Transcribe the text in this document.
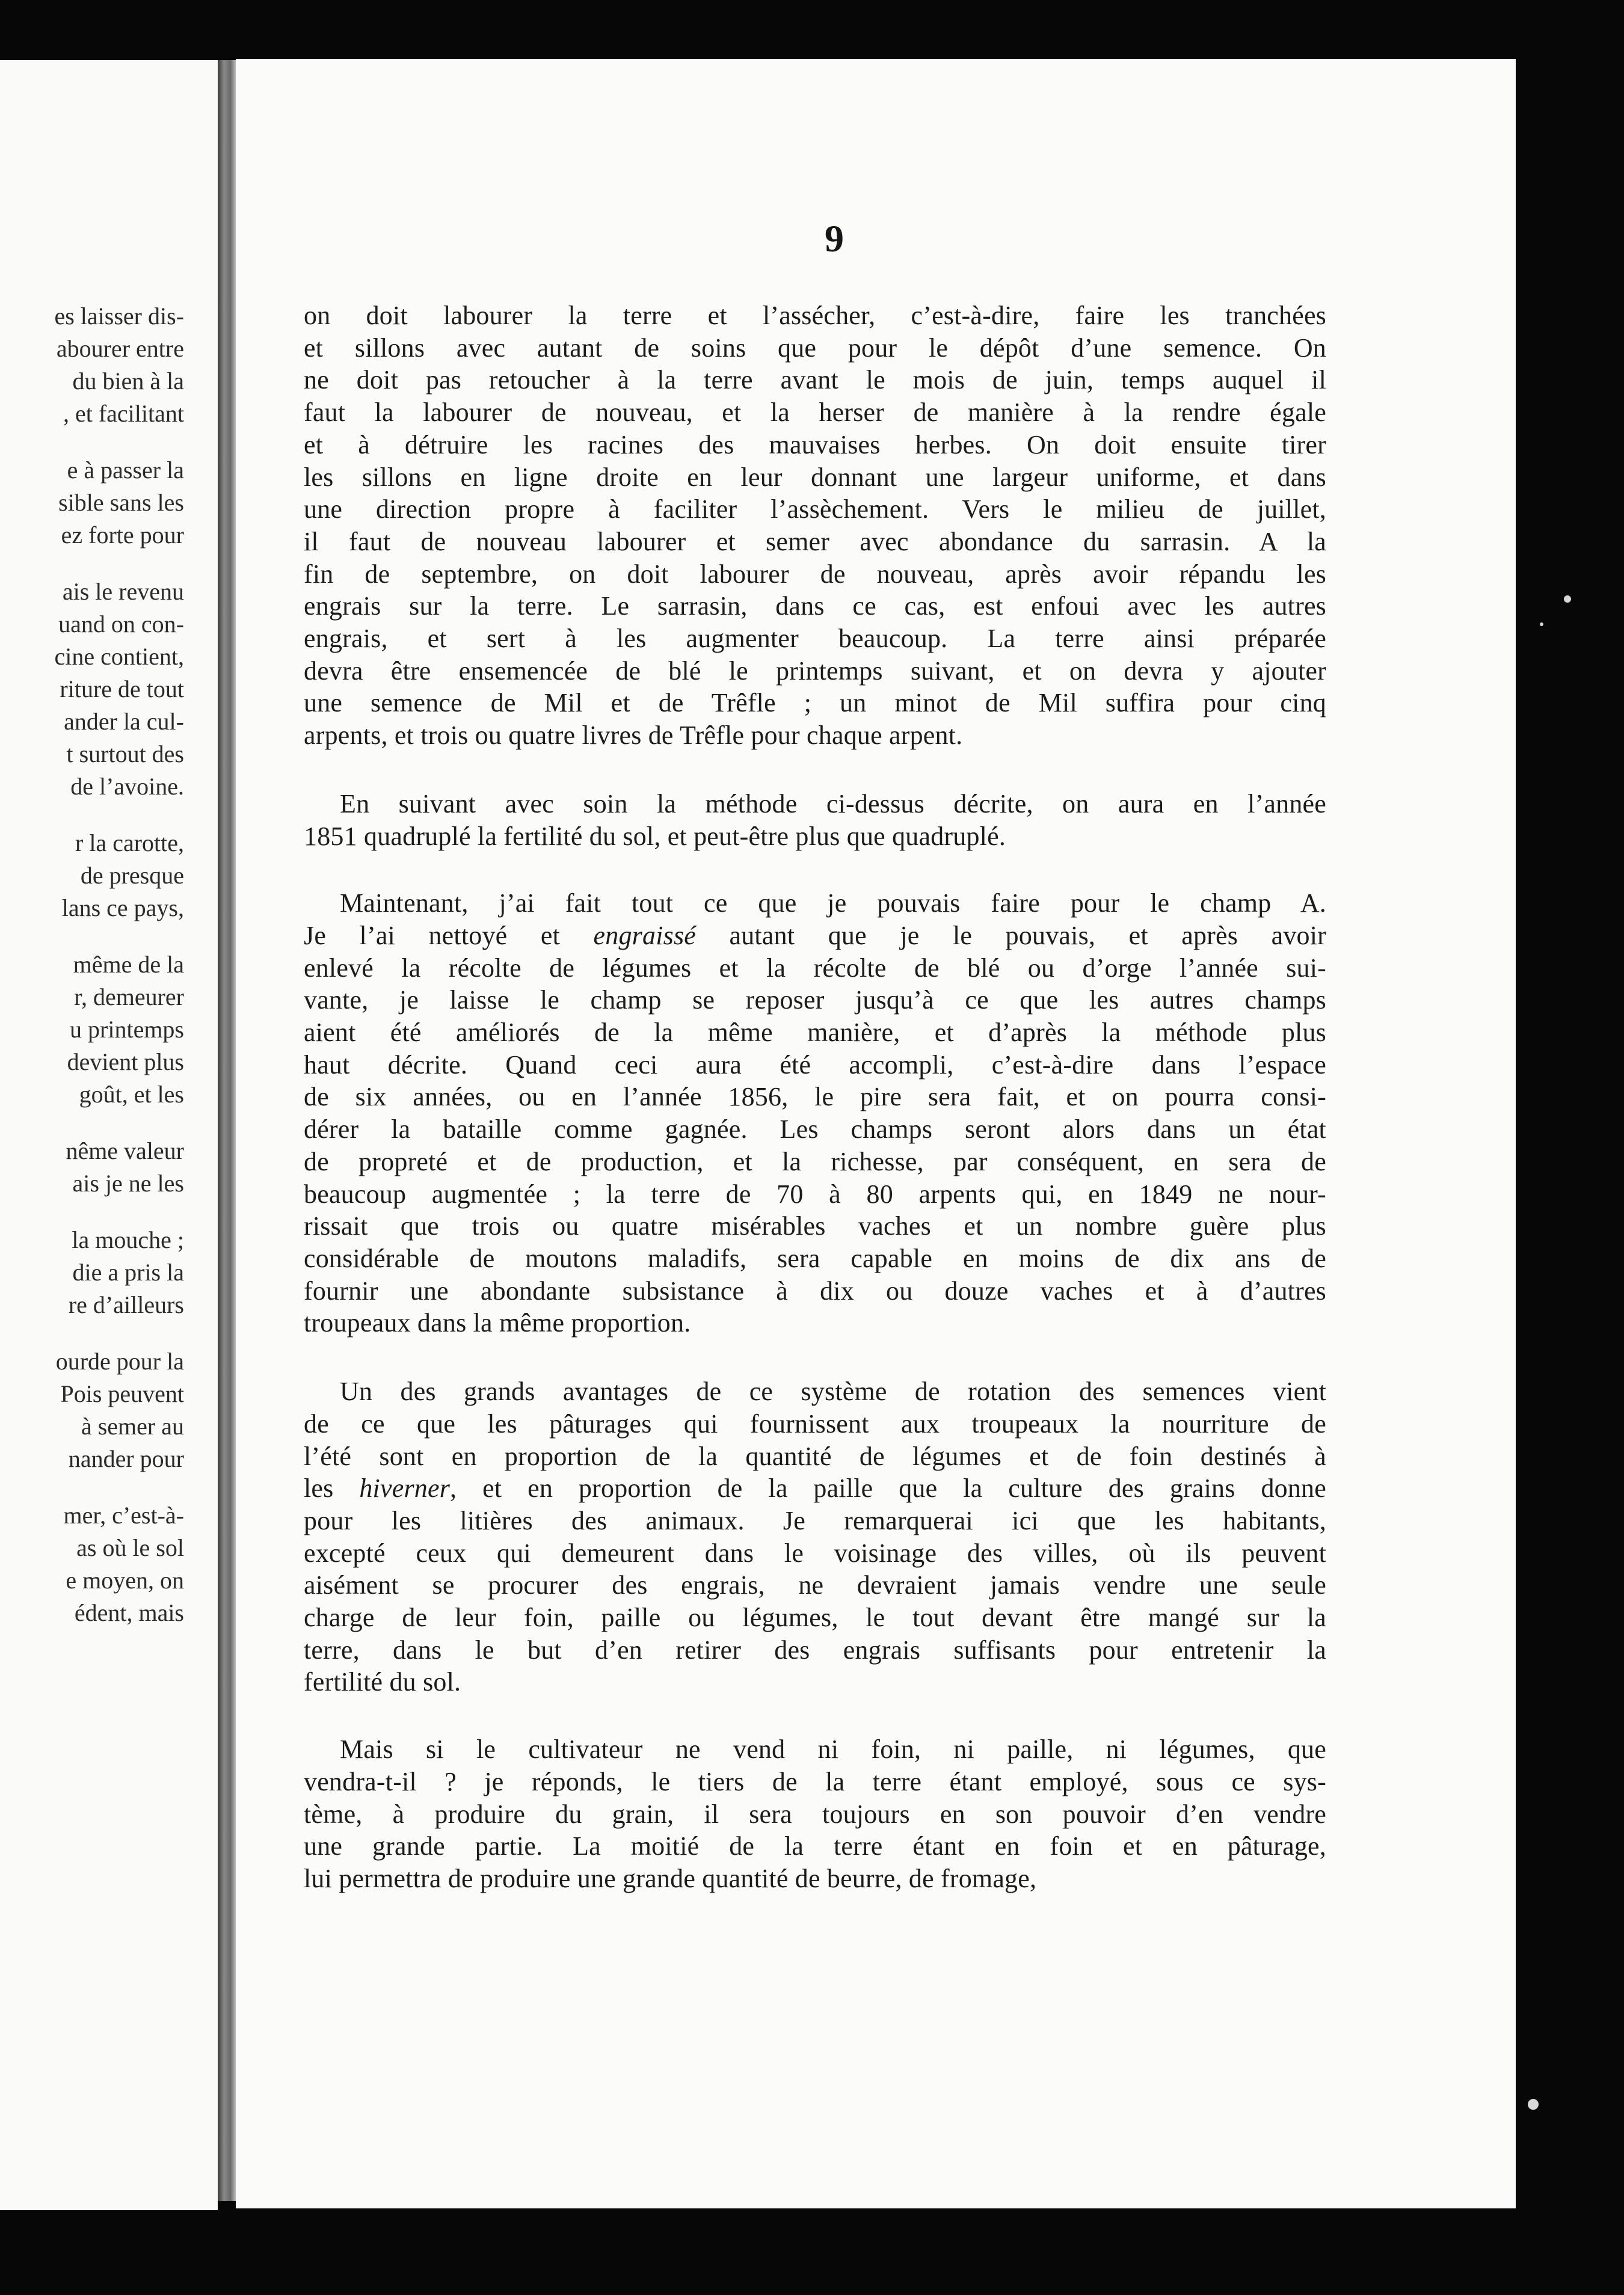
es laisser dis-
abourer entre
du bien à la
, et facilitant
e à passer la
sible sans les
ez forte pour
ais le revenu
uand on con-
cine contient,
riture de tout
ander la cul-
t surtout des
de l’avoine.
r la carotte,
de presque
lans ce pays,
même de la
r, demeurer
u printemps
devient plus
goût, et les
nême valeur
ais je ne les
la mouche ;
die a pris la
re d’ailleurs
ourde pour la
Pois peuvent
à semer au
nander pour
mer, c’est-à-
as où le sol
e moyen, on
édent, mais
9
on doit labourer la terre et l’assécher, c’est-à-dire, faire les tranchées
et sillons avec autant de soins que pour le dépôt d’une semence. On
ne doit pas retoucher à la terre avant le mois de juin, temps auquel il
faut la labourer de nouveau, et la herser de manière à la rendre égale
et à détruire les racines des mauvaises herbes. On doit ensuite tirer
les sillons en ligne droite en leur donnant une largeur uniforme, et dans
une direction propre à faciliter l’assèchement. Vers le milieu de juillet,
il faut de nouveau labourer et semer avec abondance du sarrasin. A la
fin de septembre, on doit labourer de nouveau, après avoir répandu les
engrais sur la terre. Le sarrasin, dans ce cas, est enfoui avec les autres
engrais, et sert à les augmenter beaucoup. La terre ainsi préparée
devra être ensemencée de blé le printemps suivant, et on devra y ajouter
une semence de Mil et de Trêfle ; un minot de Mil suffira pour cinq
arpents, et trois ou quatre livres de Trêfle pour chaque arpent.
En suivant avec soin la méthode ci-dessus décrite, on aura en l’année
1851 quadruplé la fertilité du sol, et peut-être plus que quadruplé.
Maintenant, j’ai fait tout ce que je pouvais faire pour le champ A.
Je l’ai nettoyé et engraissé autant que je le pouvais, et après avoir
enlevé la récolte de légumes et la récolte de blé ou d’orge l’année sui-
vante, je laisse le champ se reposer jusqu’à ce que les autres champs
aient été améliorés de la même manière, et d’après la méthode plus
haut décrite. Quand ceci aura été accompli, c’est-à-dire dans l’espace
de six années, ou en l’année 1856, le pire sera fait, et on pourra consi-
dérer la bataille comme gagnée. Les champs seront alors dans un état
de propreté et de production, et la richesse, par conséquent, en sera de
beaucoup augmentée ; la terre de 70 à 80 arpents qui, en 1849 ne nour-
rissait que trois ou quatre misérables vaches et un nombre guère plus
considérable de moutons maladifs, sera capable en moins de dix ans de
fournir une abondante subsistance à dix ou douze vaches et à d’autres
troupeaux dans la même proportion.
Un des grands avantages de ce système de rotation des semences vient
de ce que les pâturages qui fournissent aux troupeaux la nourriture de
l’été sont en proportion de la quantité de légumes et de foin destinés à
les hiverner, et en proportion de la paille que la culture des grains donne
pour les litières des animaux. Je remarquerai ici que les habitants,
excepté ceux qui demeurent dans le voisinage des villes, où ils peuvent
aisément se procurer des engrais, ne devraient jamais vendre une seule
charge de leur foin, paille ou légumes, le tout devant être mangé sur la
terre, dans le but d’en retirer des engrais suffisants pour entretenir la
fertilité du sol.
Mais si le cultivateur ne vend ni foin, ni paille, ni légumes, que
vendra-t-il ? je réponds, le tiers de la terre étant employé, sous ce sys-
tème, à produire du grain, il sera toujours en son pouvoir d’en vendre
une grande partie. La moitié de la terre étant en foin et en pâturage,
lui permettra de produire une grande quantité de beurre, de fromage,
